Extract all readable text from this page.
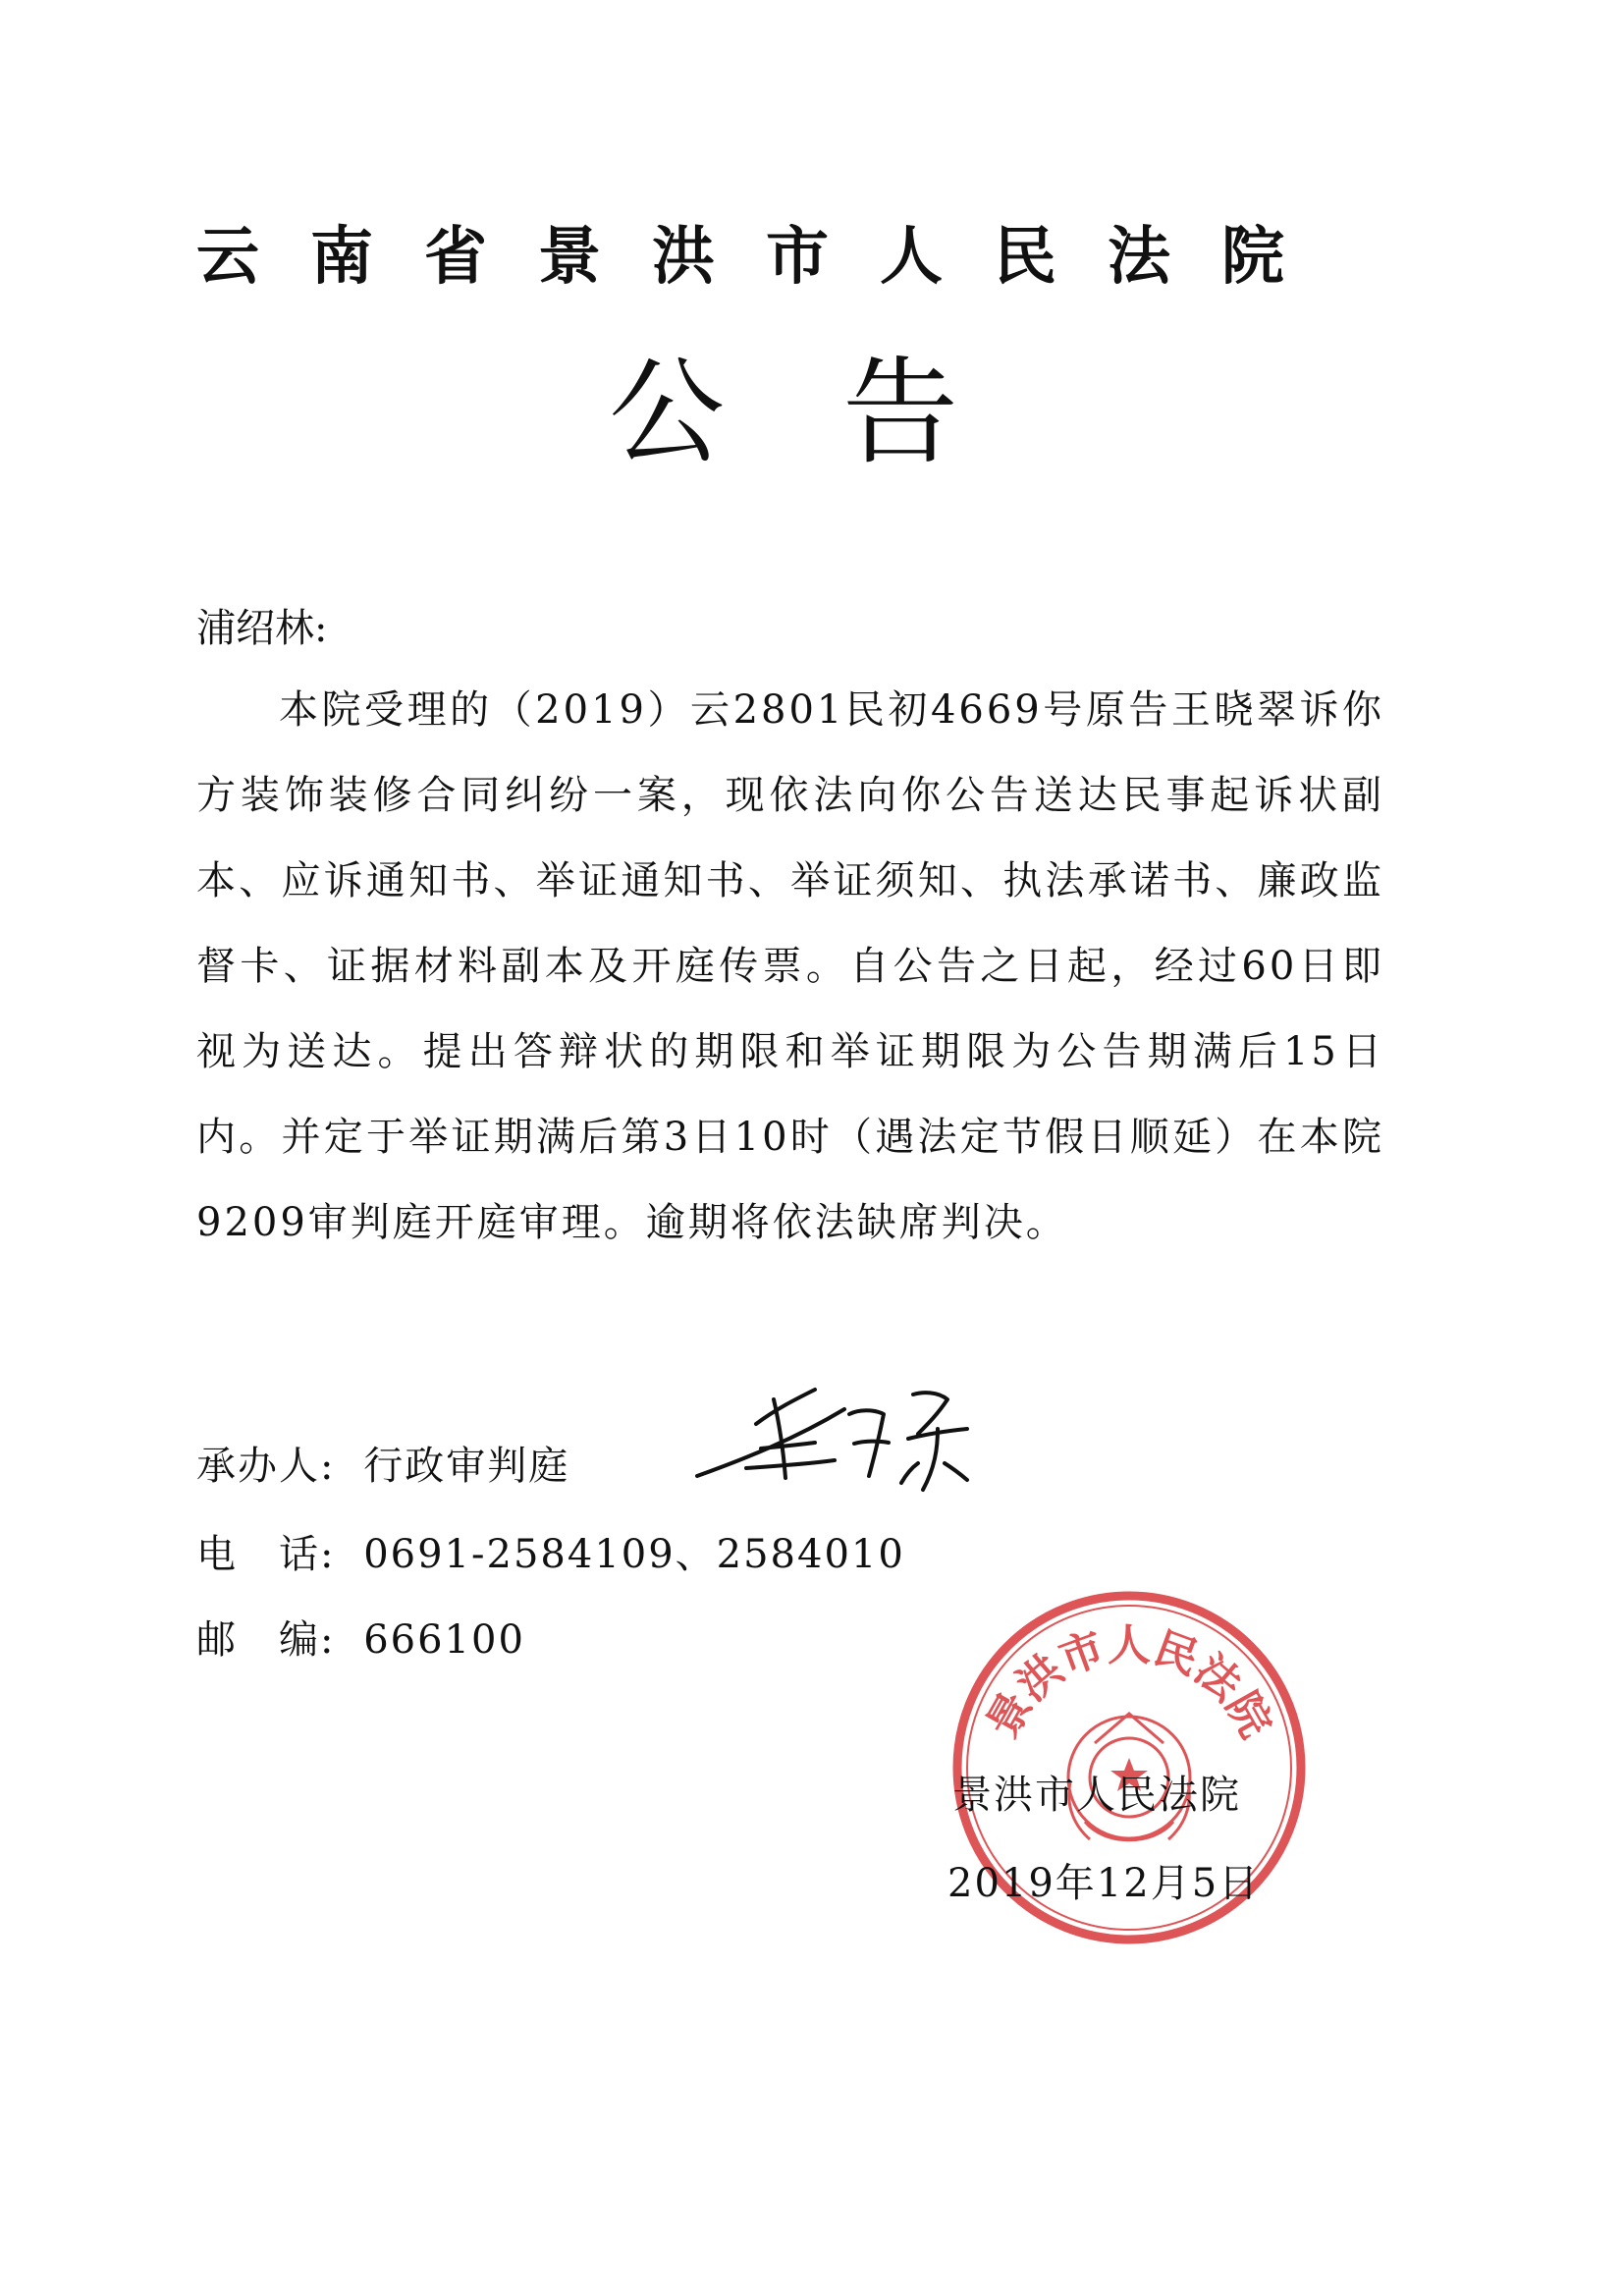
云南省景洪市人民法院
公告
浦绍林:
本院受理的（2019）云2801民初4669号原告王晓翠诉你方装饰装修合同纠纷一案，现依法向你公告送达民事起诉状副本、应诉通知书、举证通知书、举证须知、执法承诺书、廉政监督卡、证据材料副本及开庭传票。自公告之日起，经过60日即视为送达。提出答辩状的期限和举证期限为公告期满后15日内。并定于举证期满后第3日10时（遇法定节假日顺延）在本院9209审判庭开庭审理。逾期将依法缺席判决。
承办人: 行政审判庭
电　话: 0691-2584109、2584010
邮　编: 666100
景洪市人民法院
景洪市人民法院
2019年12月5日
